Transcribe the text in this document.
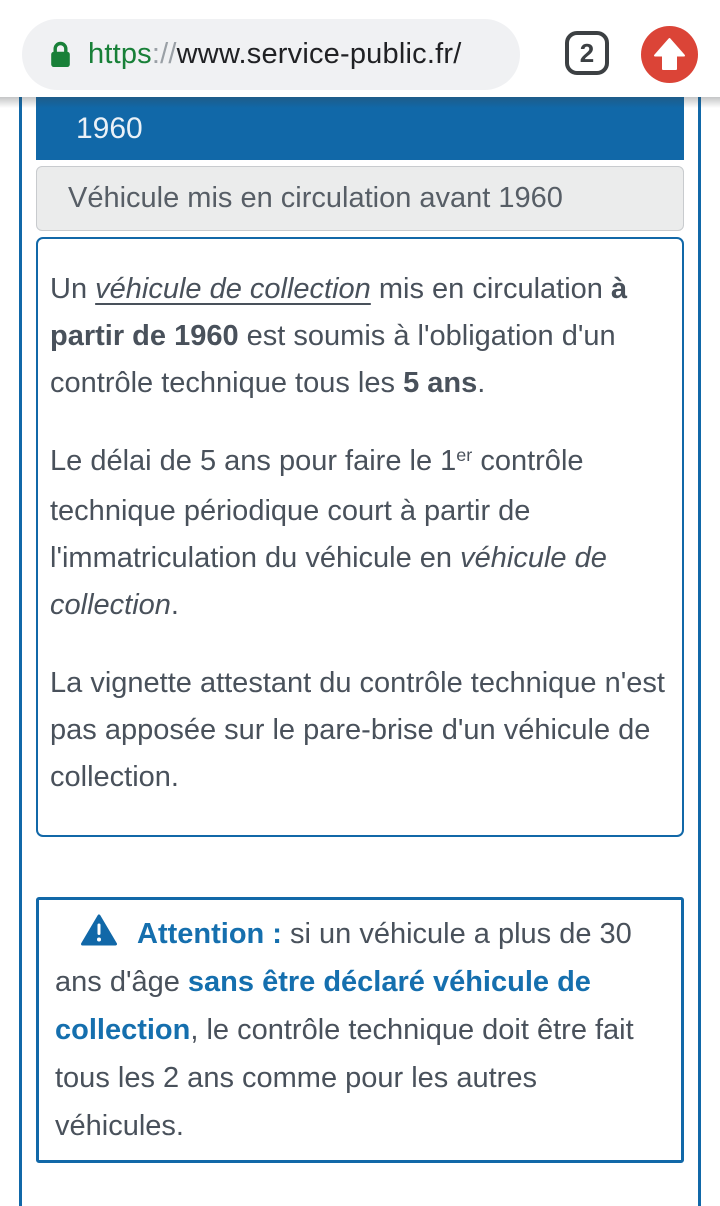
1960
Véhicule mis en circulation avant 1960

Un véhicule de collection mis en circulation à partir de 1960 est soumis à l'obligation d'un contrôle technique tous les 5 ans.

Le délai de 5 ans pour faire le 1er contrôle technique périodique court à partir de l'immatriculation du véhicule en véhicule de collection.

La vignette attestant du contrôle technique n'est pas apposée sur le pare-brise d'un véhicule de collection.

Attention : si un véhicule a plus de 30 ans d'âge sans être déclaré véhicule de collection, le contrôle technique doit être fait tous les 2 ans comme pour les autres véhicules.

https://www.service-public.fr/	2
